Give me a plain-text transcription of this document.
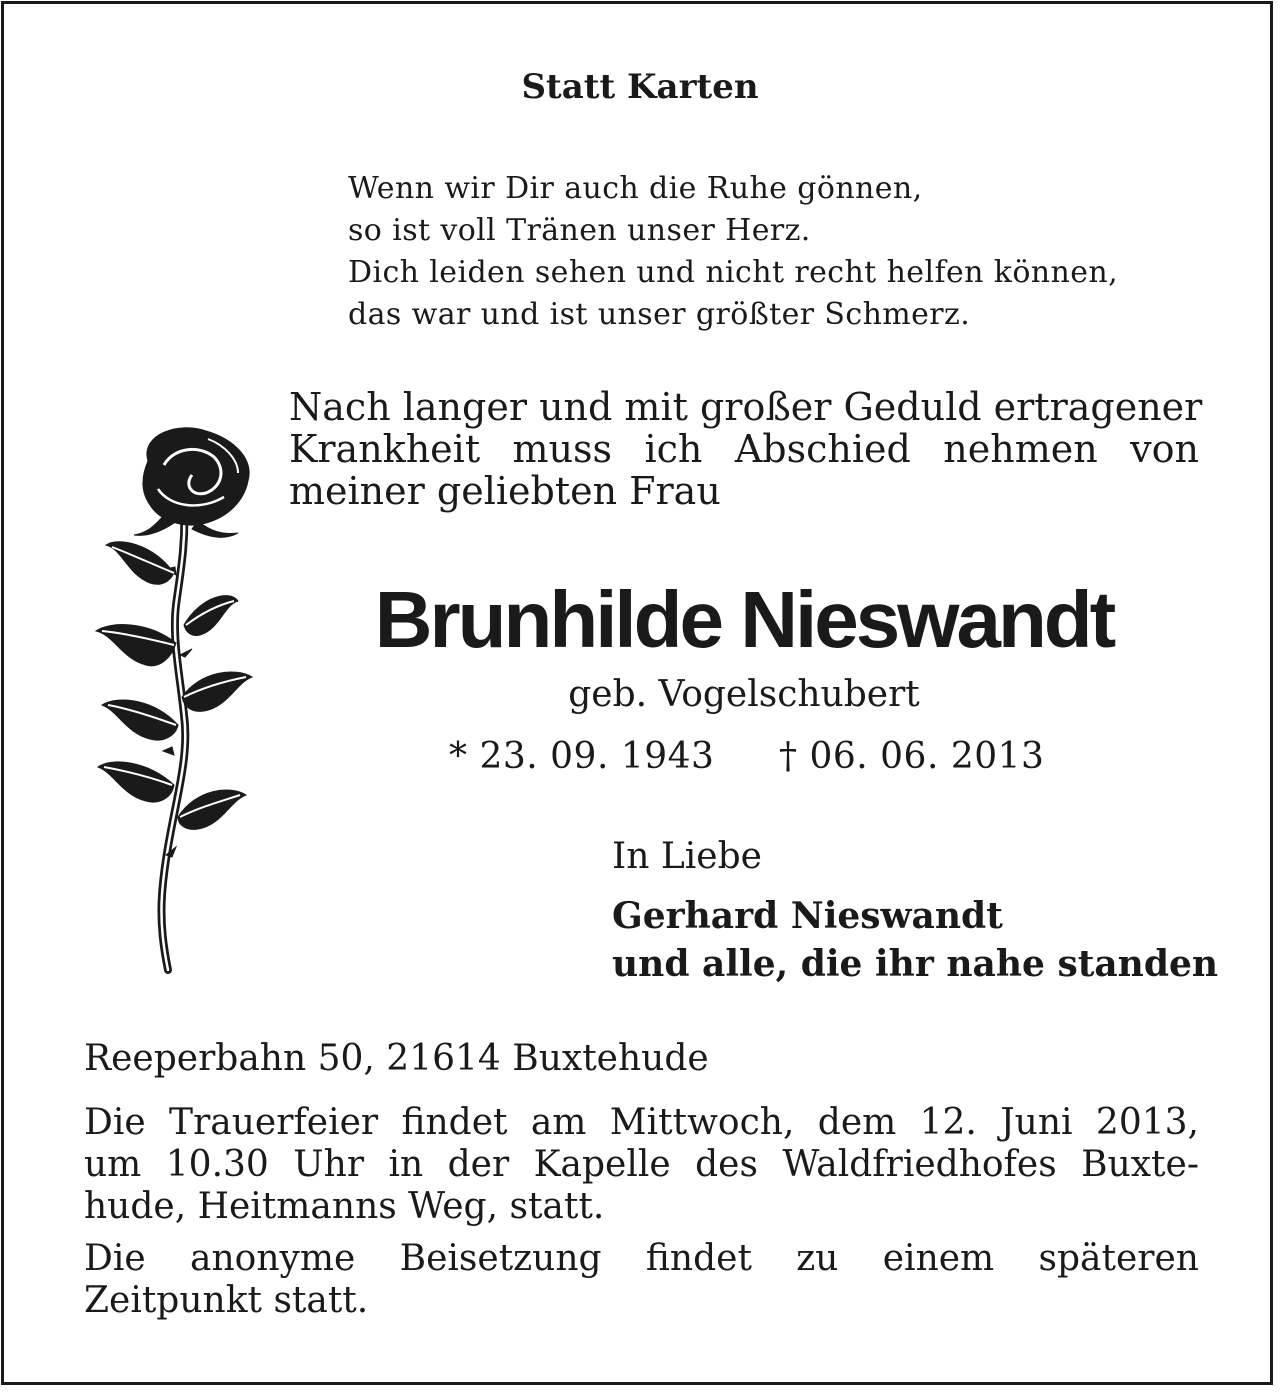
Statt Karten
Wenn wir Dir auch die Ruhe gönnen,
so ist voll Tränen unser Herz.
Dich leiden sehen und nicht recht helfen können,
das war und ist unser größter Schmerz.
Nach langer und mit großer Geduld ertragener
Krankheit muss ich Abschied nehmen von
meiner geliebten Frau
Brunhilde Nieswandt
geb. Vogelschubert
* 23. 09. 1943 † 06. 06. 2013
In Liebe
Gerhard Nieswandt
und alle, die ihr nahe standen
Reeperbahn 50, 21614 Buxtehude
Die Trauerfeier findet am Mittwoch, dem 12. Juni 2013,
um 10.30 Uhr in der Kapelle des Waldfriedhofes Buxte-
hude, Heitmanns Weg, statt.
Die anonyme Beisetzung findet zu einem späteren
Zeitpunkt statt.
